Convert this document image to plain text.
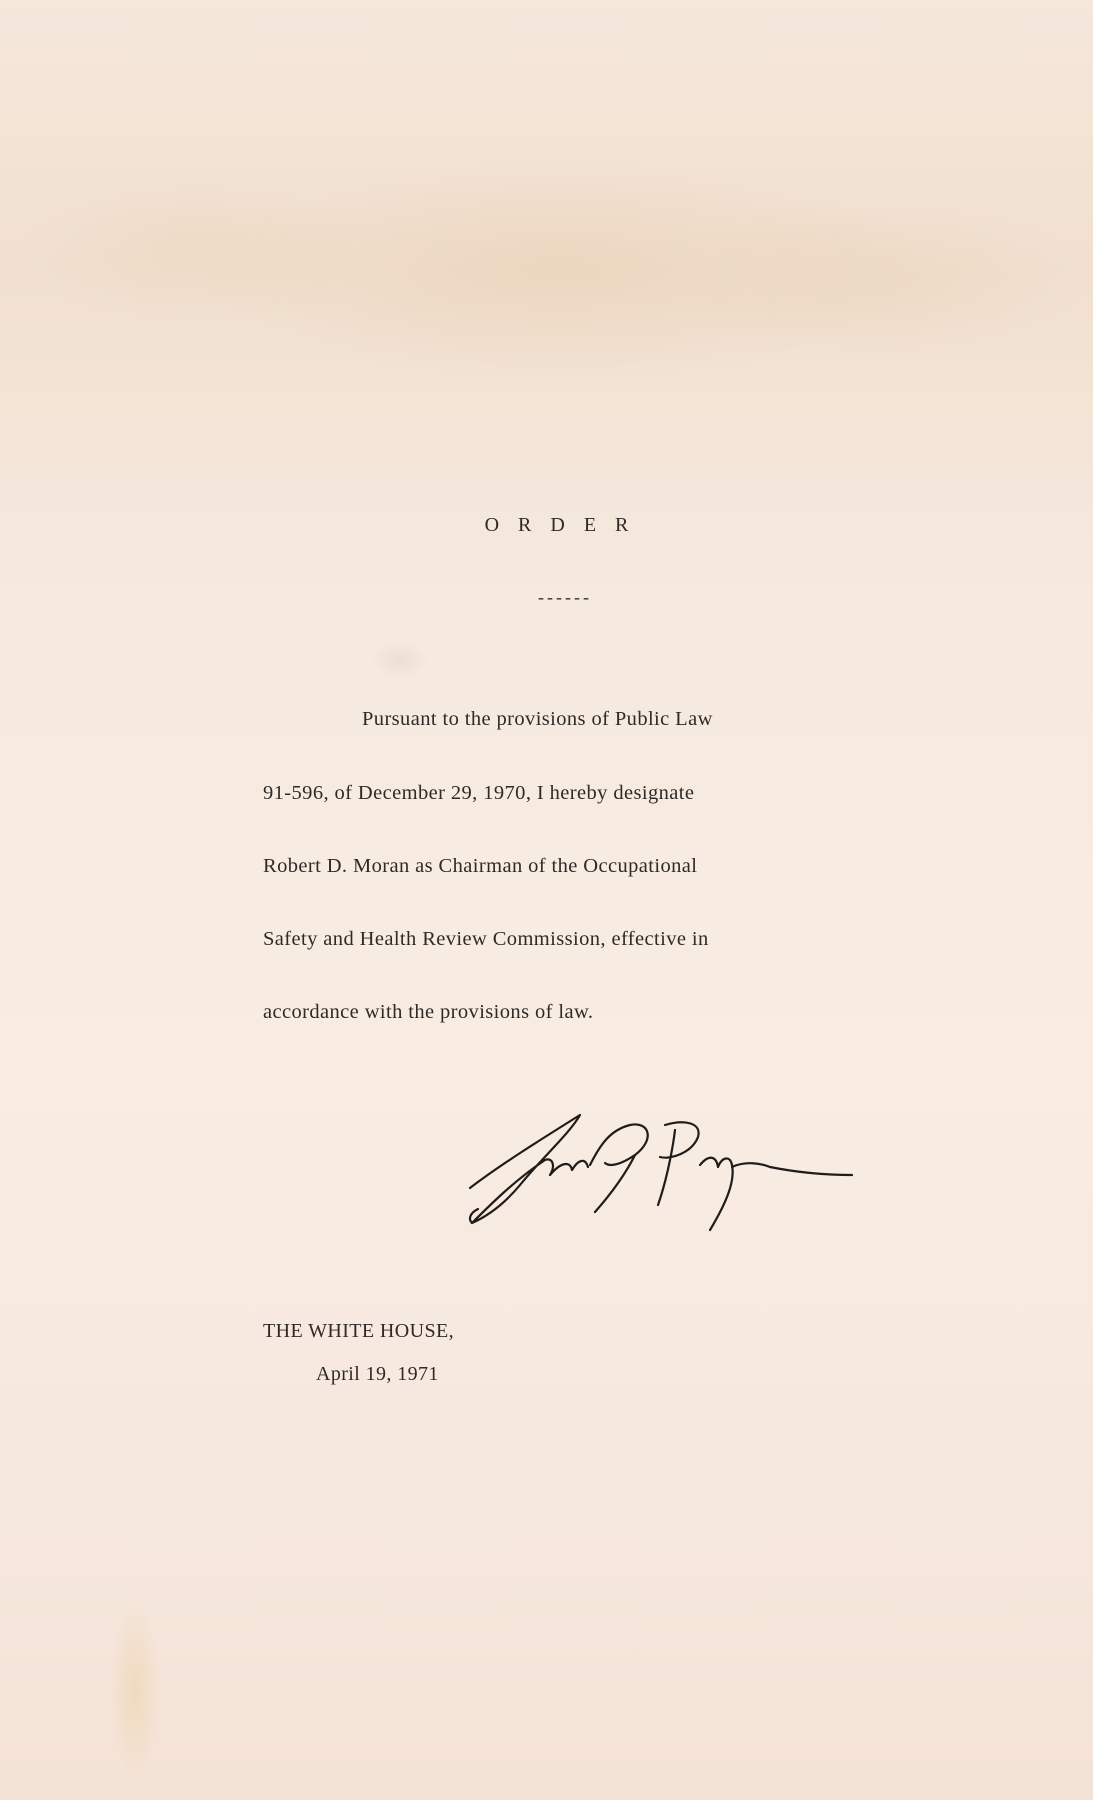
O R D E R
------
Pursuant to the provisions of Public Law
91-596, of December 29, 1970, I hereby designate
Robert D. Moran as Chairman of the Occupational
Safety and Health Review Commission, effective in
accordance with the provisions of law.
THE WHITE HOUSE,
April 19, 1971
